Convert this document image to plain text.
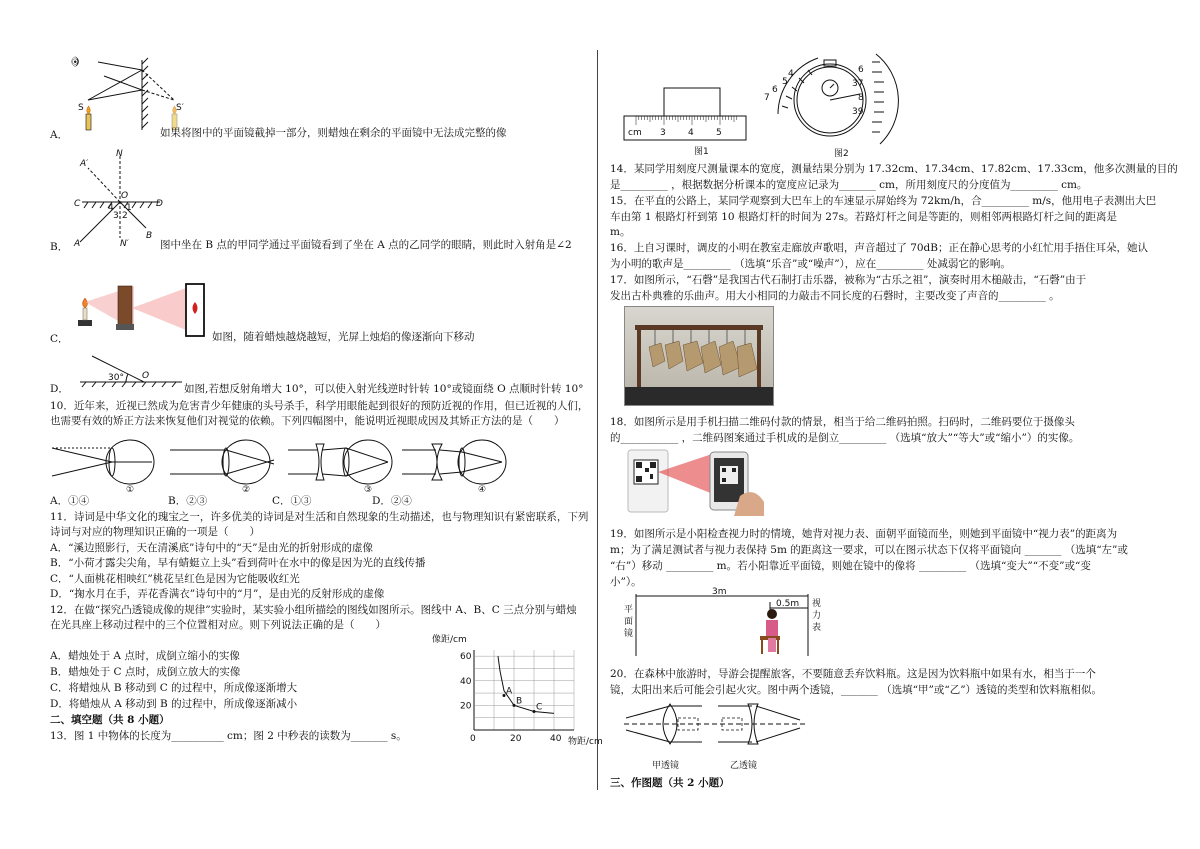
👁
S	S′
A．	如果将图中的平面镜截掉一部分，则蜡烛在剩余的平面镜中无法成完整的像
A′
N
C	D
O
4 1
3 2
A
B
N′
B．	图中坐在 B 点的甲同学通过平面镜看到了坐在 A 点的乙同学的眼睛，则此时入射角是∠2
C．	如图，随着蜡烛越烧越短，光屏上烛焰的像逐渐向下移动
30° O
D．	如图,若想反射角增大 10°，可以使入射光线逆时针转 10°或镜面绕 O 点顺时针转 10°
10．近年来，近视已然成为危害青少年健康的头号杀手，科学用眼能起到很好的预防近视的作用，但已近视的人们，
也需要有效的矫正方法来恢复他们对视觉的依赖。下列四幅图中，能说明近视眼成因及其矫正方法的是（　　）
①	②	③	④
A．①④	B．②③	C．①③	D．②④
11．诗词是中华文化的瑰宝之一，许多优美的诗词是对生活和自然现象的生动描述，也与物理知识有紧密联系，下列
诗词与对应的物理知识正确的一项是（　　）
A．“溪边照影行，天在清溪底”诗句中的“天”是由光的折射形成的虚像
B．“小荷才露尖尖角，早有蜻蜓立上头”看到荷叶在水中的像是因为光的直线传播
C．“人面桃花相映红”桃花呈红色是因为它能吸收红光
D．“掬水月在手，弄花香满衣”诗句中的“月”，是由光的反射形成的虚像
12．在做“探究凸透镜成像的规律”实验时，某实验小组所描绘的图线如图所示。图线中 A、B、C 三点分别与蜡烛
在光具座上移动过程中的三个位置相对应。则下列说法正确的是（　　）
A．蜡烛处于 A 点时，成倒立缩小的实像
B．蜡烛处于 C 点时，成倒立放大的实像
C．将蜡烛从 B 移动到 C 的过程中，所成像逐渐增大
D．将蜡烛从 A 移动到 B 的过程中，所成像逐渐减小
像距/cm
物距/cm
0	20	40
20
40
60
A
B
C
二、填空题（共 8 小题）
13．图 1 中物体的长度为__________ cm；图 2 中秒表的读数为_______ s。
cm 3 4 5
图1
4
5
6
7
6
37
8
39
图2
14．某同学用刻度尺测量课本的宽度，测量结果分别为 17.32cm、17.34cm、17.82cm、17.33cm，他多次测量的目的
是_________ ，根据数据分析课本的宽度应记录为_______ cm，所用刻度尺的分度值为_________ cm。
15．在平直的公路上，某同学观察到大巴车上的车速显示屏始终为 72km/h，合_________ m/s，他用电子表测出大巴
车由第 1 根路灯杆到第 10 根路灯杆的时间为 27s。若路灯杆之间是等距的，则相邻两根路灯杆之间的距离是
m。
16．上自习课时，调皮的小明在教室走廊放声歌唱，声音超过了 70dB；正在静心思考的小红忙用手捂住耳朵，她认
为小明的歌声是_________ （选填“乐音”或“噪声”），应在_________ 处减弱它的影响。
17．如图所示，“石磬”是我国古代石制打击乐器，被称为“古乐之祖”，演奏时用木槌敲击，“石磬”由于
发出古朴典雅的乐曲声。用大小相同的力敲击不同长度的石磬时，主要改变了声音的_________ 。
18．如图所示是用手机扫描二维码付款的情景，相当于给二维码拍照。扫码时，二维码要位于摄像头
的___________ ，二维码图案通过手机成的是倒立_________ （选填“放大”“等大”或“缩小”）的实像。
19．如图所示是小阳检查视力时的情境，她背对视力表、面朝平面镜而坐，则她到平面镜中“视力表”的距离为
m；为了满足测试者与视力表保持 5m 的距离这一要求，可以在图示状态下仅将平面镜向 _______ （选填“左”或
“右”）移动 _________ m。若小阳靠近平面镜，则她在镜中的像将 _________ （选填“变大”“不变”或“变
小”）。
3m
0.5m
平
面
镜
视
力
表
20．在森林中旅游时，导游会提醒旅客，不要随意丢弃饮料瓶。这是因为饮料瓶中如果有水，相当于一个
镜，太阳出来后可能会引起火灾。图中两个透镜，_______ （选填“甲”或“乙”）透镜的类型和饮料瓶相似。
甲透镜	乙透镜
三、作图题（共 2 小题）
